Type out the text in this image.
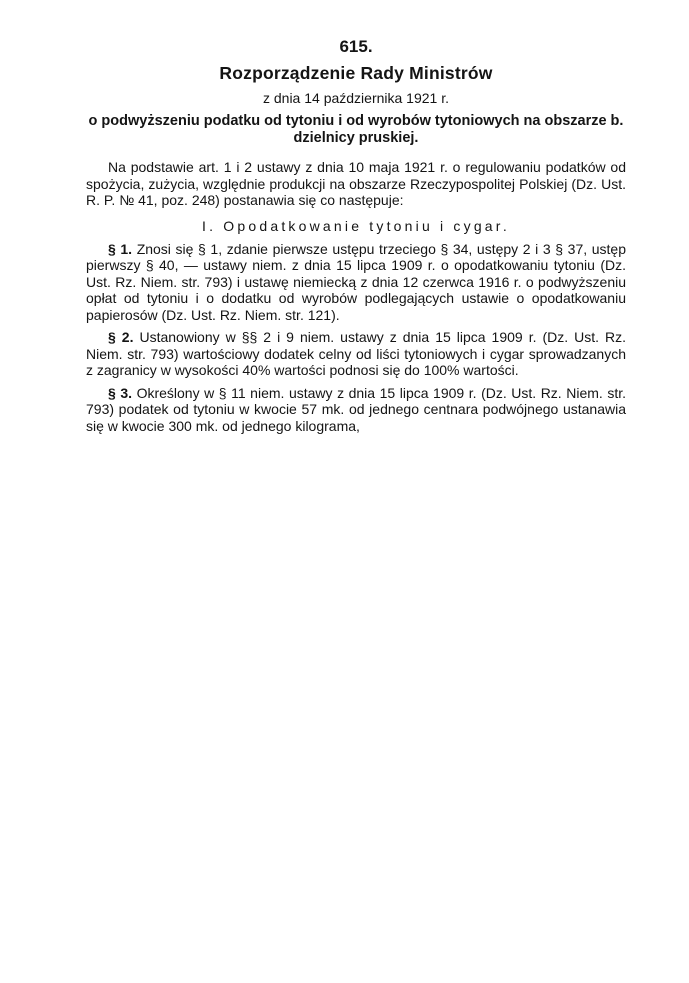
615.
Rozporządzenie Rady Ministrów
z dnia 14 października 1921 r.
o podwyższeniu podatku od tytoniu i od wyrobów tytoniowych na obszarze b. dzielnicy pruskiej.

Na podstawie art. 1 i 2 ustawy z dnia 10 maja 1921 r. o regulowaniu podatków od spożycia, zużycia, względnie produkcji na obszarze Rzeczypospolitej Polskiej (Dz. Ust. R. P. № 41, poz. 248) postanawia się co następuje:

I. Opodatkowanie tytoniu i cygar.

§ 1. Znosi się § 1, zdanie pierwsze ustępu trzeciego § 34, ustępy 2 i 3 § 37, ustęp pierwszy § 40, — ustawy niem. z dnia 15 lipca 1909 r. o opodatkowaniu tytoniu (Dz. Ust. Rz. Niem. str. 793) i ustawę niemiecką z dnia 12 czerwca 1916 r. o podwyższeniu opłat od tytoniu i o dodatku od wyrobów podlegających ustawie o opodatkowaniu papierosów (Dz. Ust. Rz. Niem. str. 121).

§ 2. Ustanowiony w §§ 2 i 9 niem. ustawy z dnia 15 lipca 1909 r. (Dz. Ust. Rz. Niem. str. 793) wartościowy dodatek celny od liści tytoniowych i cygar sprowadzanych z zagranicy w wysokości 40% wartości podnosi się do 100% wartości.

§ 3. Określony w § 11 niem. ustawy z dnia 15 lipca 1909 r. (Dz. Ust. Rz. Niem. str. 793) podatek od tytoniu w kwocie 57 mk. od jednego centnara podwójnego ustanawia się w kwocie 300 mk. od jednego kilograma,
